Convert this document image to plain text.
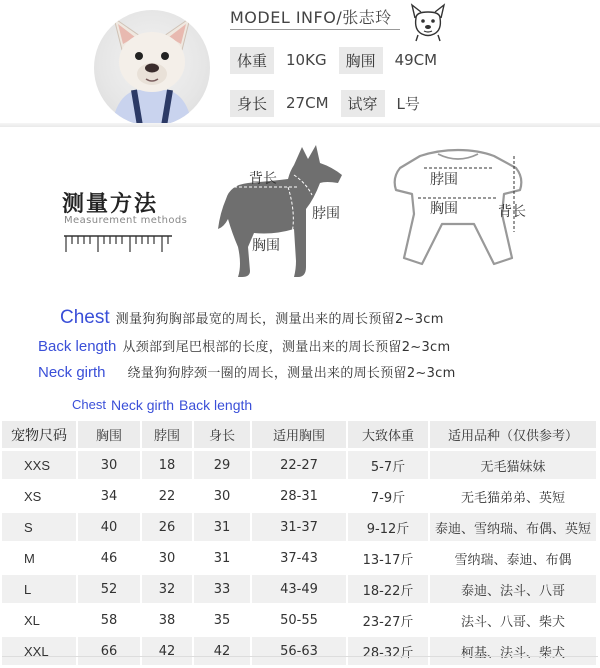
MODEL INFO/张志玲
体重	10KG	胸围	49CM
身长	27CM	试穿	L号
测量方法
Measurement methods
背长
脖围
胸围
脖围
胸围	背长
Chest 测量狗狗胸部最宽的周长，测量出来的周长预留2~3cm
Back length 从颈部到尾巴根部的长度，测量出来的周长预留2~3cm
Neck girth 绕量狗狗脖颈一圈的周长，测量出来的周长预留2~3cm
Chest Neck girth Back length
宠物尺码	胸围	脖围	身长	适用胸围	大致体重	适用品种（仅供参考）
XXS	30	18	29	22-27	5-7斤	无毛猫妹妹
XS	34	22	30	28-31	7-9斤	无毛猫弟弟、英短
S	40	26	31	31-37	9-12斤	泰迪、雪纳瑞、布偶、英短
M	46	30	31	37-43	13-17斤	雪纳瑞、泰迪、布偶
L	52	32	33	43-49	18-22斤	泰迪、法斗、八哥
XL	58	38	35	50-55	23-27斤	法斗、八哥、柴犬
XXL	66	42	42	56-63	28-32斤	柯基、法斗、柴犬
